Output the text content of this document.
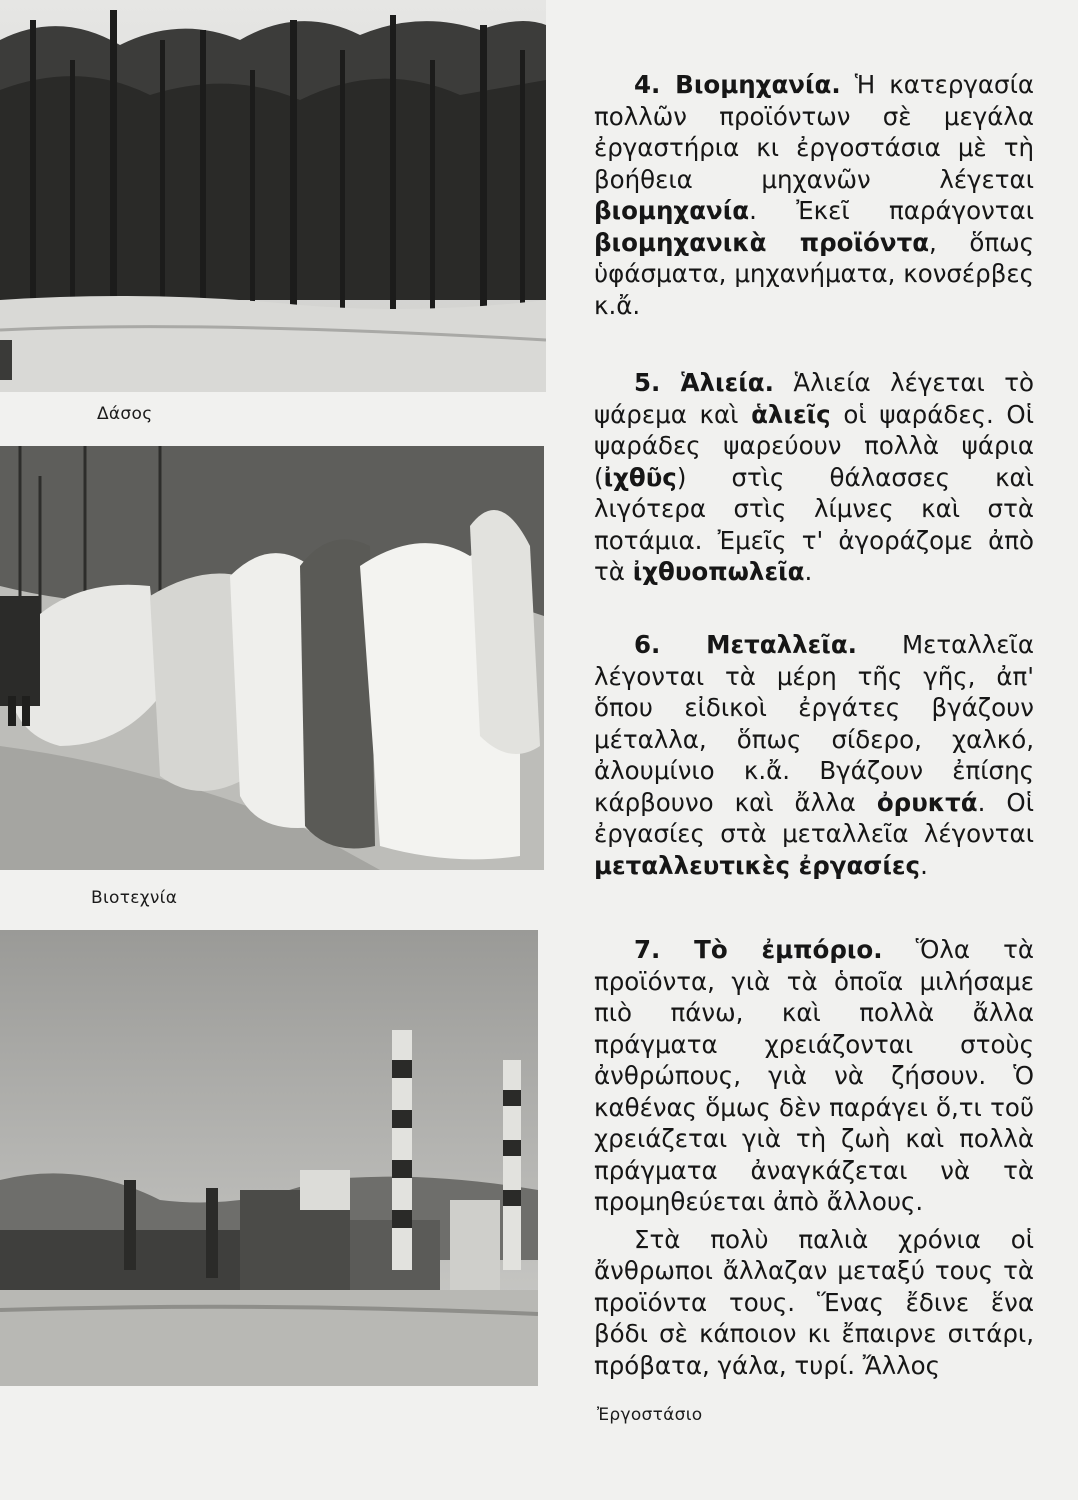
Δάσος
Βιοτεχνία
Ἐργοστάσιο

4. Βιομηχανία. Ἡ κατεργασία πολλῶν προϊόντων σὲ μεγάλα ἐργαστήρια κι ἐργοστάσια μὲ τὴ βοήθεια μηχανῶν λέγεται βιομηχανία. Ἐκεῖ παράγονται βιομηχανικὰ προϊόντα, ὅπως ὑφάσματα, μηχανήματα, κονσέρβες κ.ἄ.

5. Ἁλιεία. Ἁλιεία λέγεται τὸ ψάρεμα καὶ ἁλιεῖς οἱ ψαράδες. Οἱ ψαράδες ψαρεύουν πολλὰ ψάρια (ἰχθῦς) στὶς θάλασσες καὶ λιγότερα στὶς λίμνες καὶ στὰ ποτάμια. Ἐμεῖς τ' ἀγοράζομε ἀπὸ τὰ ἰχθυοπωλεῖα.

6. Μεταλλεῖα. Μεταλλεῖα λέγονται τὰ μέρη τῆς γῆς, ἀπ' ὅπου εἰδικοὶ ἐργάτες βγάζουν μέταλλα, ὅπως σίδερο, χαλκό, ἀλουμίνιο κ.ἄ. Βγάζουν ἐπίσης κάρβουνο καὶ ἄλλα ὀρυκτά. Οἱ ἐργασίες στὰ μεταλλεῖα λέγονται μεταλλευτικὲς ἐργασίες.

7. Τὸ ἐμπόριο. Ὅλα τὰ προϊόντα, γιὰ τὰ ὁποῖα μιλήσαμε πιὸ πάνω, καὶ πολλὰ ἄλλα πράγματα χρειάζονται στοὺς ἀνθρώπους, γιὰ νὰ ζήσουν. Ὁ καθένας ὅμως δὲν παράγει ὅ,τι τοῦ χρειάζεται γιὰ τὴ ζωὴ καὶ πολλὰ πράγματα ἀναγκάζεται νὰ τὰ προμηθεύεται ἀπὸ ἄλλους.

Στὰ πολὺ παλιὰ χρόνια οἱ ἄνθρωποι ἄλλαζαν μεταξύ τους τὰ προϊόντα τους. Ἕνας ἔδινε ἕνα βόδι σὲ κάποιον κι ἔπαιρνε σιτάρι, πρόβατα, γάλα, τυρί. Ἄλλος
